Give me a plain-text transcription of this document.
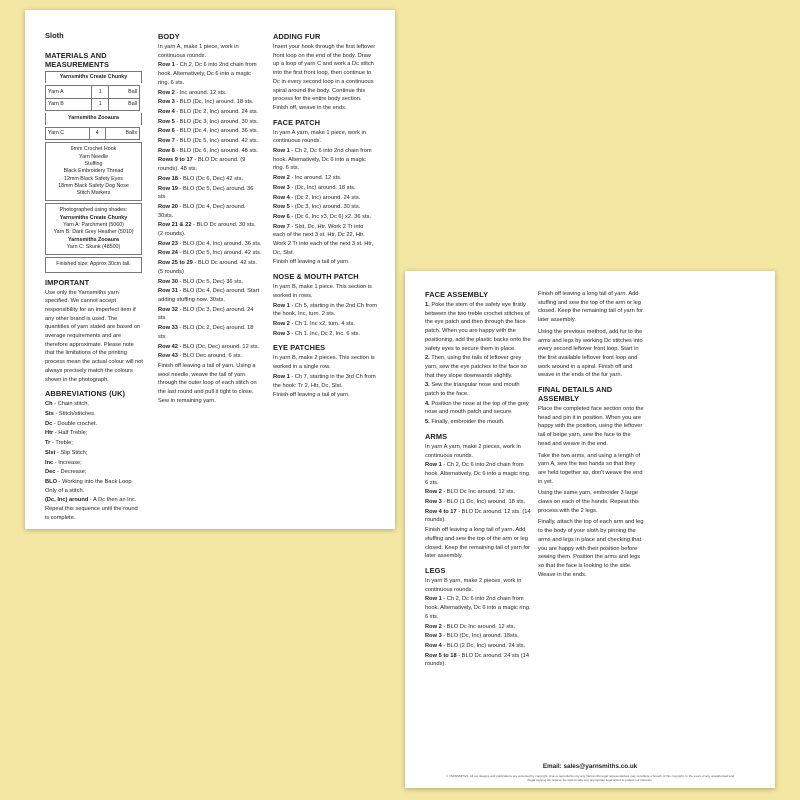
Sloth
MATERIALS AND MEASUREMENTS
Yarnsmiths Create Chunky
Yarn A	1	Ball
Yarn B	1	Ball
Yarnsmiths Zooaura
Yarn C	4	Balls
6mm Crochet Hook
Yarn Needle
Stuffing
Black Embroidery Thread
12mm Black Safety Eyes
18mm Black Safety Dog Nose
Stitch Markers
Photographed using shades:
Yarnsmiths Create Chunky
Yarn A: Parchment (5060)
Yarn B: Dark Grey Heather (5010)
Yarnsmiths Zooaura
Yarn C: Skunk (48500)
Finished size: Approx 30cm tall.
IMPORTANT

Use only the Yarnsmiths yarn specified. We cannot accept responsibility for an imperfect item if any other brand is used. The quantities of yarn stated are based on average requirements and are therefore approximate. Please note that the limitations of the printing process mean the actual colour will not always precisely match the colours shown in the photograph.

ABBREVIATIONS (UK)

Ch - Chain stitch.

Sts - Stitch/stitches.

Dc - Double crochet.

Htr - Half Treble;

Tr - Treble;

Slst - Slip Stitch;

Inc - Increase;

Dec - Decrease;

BLO - Working into the Back Loop Only of a stitch.

(Dc, Inc) around - A Dc then an Inc. Repeat this sequence until the round is complete.

BODY

In yarn A, make 1 piece, work in continuous rounds.

Row 1 - Ch 2, Dc 6 into 2nd chain from hook. Alternatively, Dc 6 into a magic ring. 6 sts.

Row 2 - Inc around. 12 sts.

Row 3 - BLO (Dc, Inc) around. 18 sts.

Row 4 - BLO (Dc 2, Inc) around. 24 sts.

Row 5 - BLO (Dc 3, Inc) around. 30 sts.

Row 6 - BLO (Dc 4, Inc) around. 36 sts.

Row 7 - BLO (Dc 5, Inc) around. 42 sts.

Row 8 - BLO (Dc 6, Inc) around. 48 sts.

Rows 9 to 17 - BLO Dc around. (9 rounds). 48 sts.

Row 18 - BLO (Dc 6, Dec) 42 sts.

Row 19 - BLO (Dc 5, Dec) around. 36 sts.

Row 20 - BLO (Dc 4, Dec) around. 30sts.

Row 21 & 22 - BLO Dc around. 30 sts. (2 rounds).

Row 23 - BLO (Dc 4, Inc) around. 36 sts.

Row 24 - BLO (Dc 5, Inc) around. 42 sts.

Row 25 to 29 - BLO Dc around. 42 sts. (5 rounds)

Row 30 - BLO (Dc 5, Dec) 36 sts.

Row 31 - BLO (Dc 4, Dec) around. Start adding stuffing now. 30sts.

Row 32 - BLO (Dc 3, Dec) around. 24 sts.

Row 33 - BLO (Dc 2, Dec) around. 18 sts.

Row 42 - BLO (Dc, Dec) around. 12 sts.

Row 43 - BLO Dec around. 6 sts.

Finish off leaving a tail of yarn. Using a wool needle, weave the tail of yarn through the outer loop of each stitch on the last round and pull it tight to close. Sew in remaining yarn.

ADDING FUR

Insert your hook through the first leftover front loop on the end of the body. Draw up a loop of yarn C and work a Dc stitch into the first front loop, then continue to Dc in every second loop in a continuous spiral around the body. Continue this process for the entire body section. Finish off, weave in the ends.

FACE PATCH

In yarn A yarn, make 1 piece, work in continuous rounds.

Row 1 - Ch 2, Dc 6 into 2nd chain from hook. Alternatively, Dc 6 into a magic ring. 6 sts.

Row 2 - Inc around. 12 sts.

Row 3 - (Dc, Inc) around. 18 sts.

Row 4 - (Dc 2, Inc) around. 24 sts.

Row 5 - (Dc 3, Inc) around. 30 sts.

Row 6 - (Dc 6, Inc x3, Dc 6) x2. 36 sts.

Row 7 - Slst, Dc, Htr. Work 2 Tr into each of the next 3 st. Htr, Dc 22, Htr. Work 2 Tr into each of the next 3 st. Htr, Dc, Slst.

Finish off leaving a tail of yarn.

NOSE & MOUTH PATCH

In yarn B, make 1 piece. This section is worked in rows.

Row 1 - Ch 5, starting in the 2nd Ch from the hook, Inc, turn. 2 sts.

Row 2 - Ch 1. Inc x2, turn. 4 sts.

Row 3 - Ch 1. Inc, Dc 2, Inc. 6 sts.

EYE PATCHES

In yarn B, make 2 pieces. This section is worked in a single row.

Row 1 - Ch 7, starting in the 3rd Ch from the hook: Tr 2, Htr, Dc, Slst.

Finish off leaving a tail of yarn.

FACE ASSEMBLY

1. Poke the stem of the safety eye firstly between the two treble crochet stitches of the eye patch and then through the face patch. When you are happy with the positioning, add the plastic backs onto the safety eyes to secure them in place.

2. Then, using the tails of leftover grey yarn, sew the eye patches to the face so that they slope downwards slightly.

3. Sew the triangular nose and mouth patch to the face.

4. Position the nose at the top of the grey nose and mouth patch and secure.

5. Finally, embroider the mouth.

ARMS

In yarn A yarn, make 2 pieces, work in continuous rounds.

Row 1 - Ch 2, Dc 6 into 2nd chain from hook. Alternatively, Dc 6 into a magic ring. 6 sts.

Row 2 - BLO Dc Inc around. 12 sts.

Row 3 - BLO (1 Dc, Inc) around. 18 sts.

Row 4 to 17 - BLO Dc around. 12 sts. (14 rounds).

Finish off leaving a long tail of yarn. Add stuffing and sew the top of the arm or leg closed. Keep the remaining tail of yarn for later assembly.

LEGS

In yarn B yarn, make 2 pieces, work in continuous rounds.

Row 1 - Ch 2, Dc 6 into 2nd chain from hook. Alternatively, Dc 6 into a magic ring. 6 sts.

Row 2 - BLO Dc Inc around. 12 sts.

Row 3 - BLO (Dc, Inc) around. 18sts.

Row 4 - BLO (2 Dc, Inc) around. 24 sts.

Row 5 to 18 - BLO Dc around. 24 sts (14 rounds).

Finish off leaving a long tail of yarn. Add stuffing and sew the top of the arm or leg closed. Keep the remaining tail of yarn for later assembly.

Using the previous method, add fur to the arms and legs by working Dc stitches into every second leftover front loop. Start in the first available leftover front loop and work around in a spiral. Finish off and weave in the ends of the fur yarn.

FINAL DETAILS AND ASSEMBLY

Place the completed face section onto the head and pin it in position. When you are happy with the position, using the leftover tail of beige yarn, sew the face to the head and weave in the end.

Take the two arms, and using a length of yarn A, sew the two hands so that they are held together as, don't weave the end in yet.

Using the same yarn, embroider 3 large claws on each of the hands. Repeat this process with the 2 legs.

Finally, attach the top of each arm and leg to the body of your sloth by pinning the arms and legs in place and checking that you are happy with their position before sewing them. Position the arms and legs so that the face is looking to the side. Weave in the ends.

Email: sales@yarnsmiths.co.uk
© YARNSMITHS. All our designs and publications are protected by copyright. Use or reproduction by any Yarnsmiths legal representatives may constitute a breach of this copyright. In the event of any unauthorised and illegal copying we reserve the right to take any appropriate legal action to protect our interests.
